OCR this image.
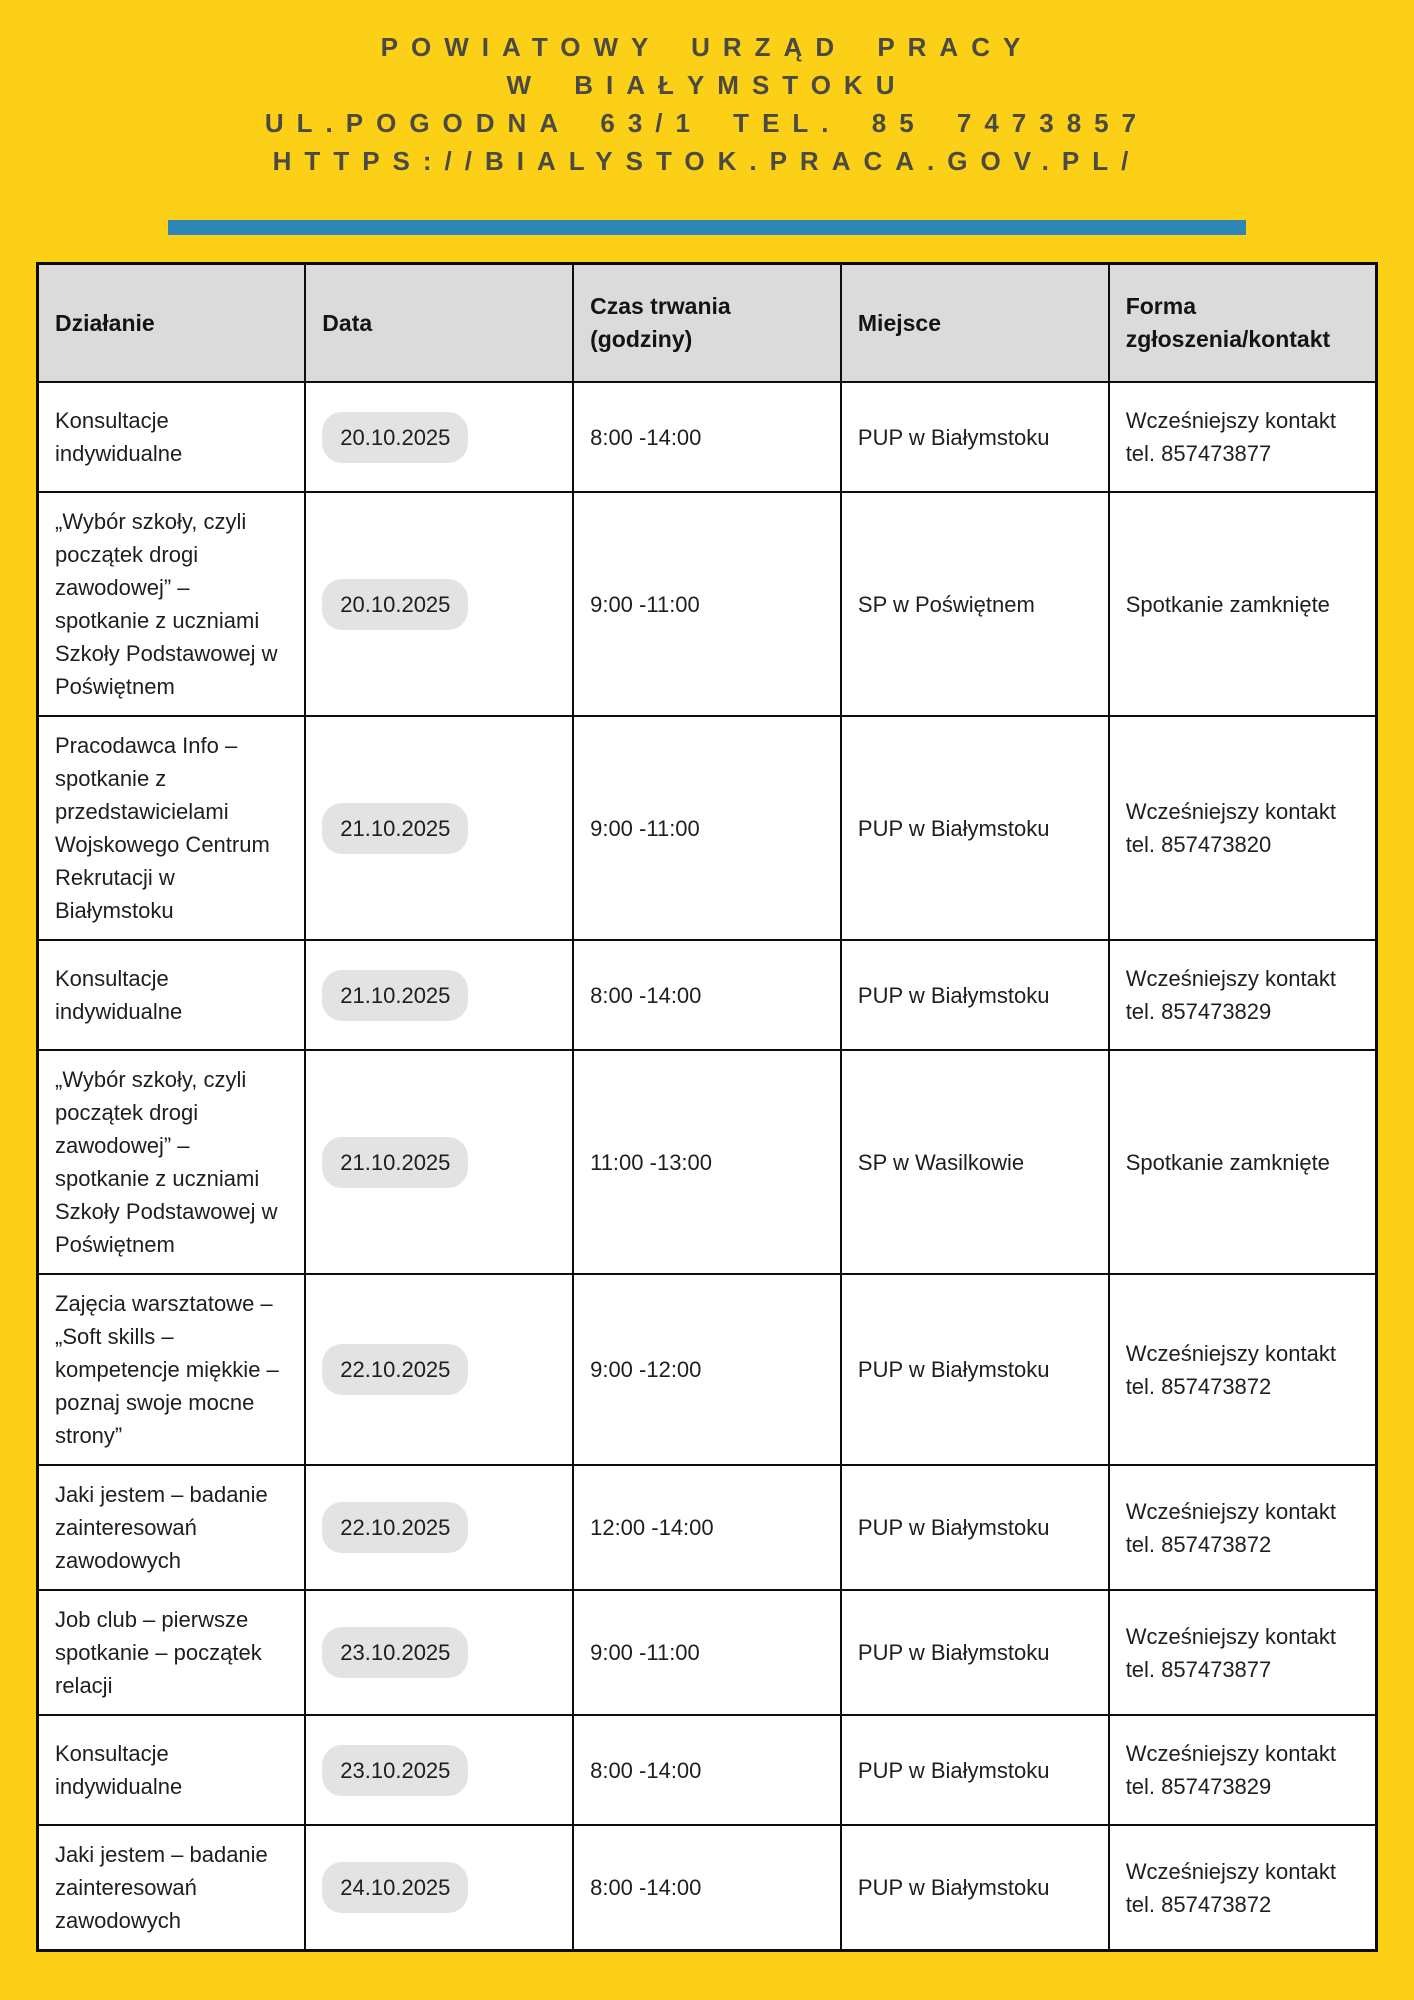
POWIATOWY URZĄD PRACY
W BIAŁYMSTOKU
UL.POGODNA 63/1 TEL. 85 7473857
HTTPS://BIALYSTOK.PRACA.GOV.PL/
Działanie	Data	Czas trwania (godziny)	Miejsce	Forma zgłoszenia/kontakt
Konsultacje indywidualne	20.10.2025	8:00 -14:00	PUP w Białymstoku	Wcześniejszy kontakt tel. 857473877
„Wybór szkoły, czyli początek drogi zawodowej” – spotkanie z uczniami Szkoły Podstawowej w Poświętnem	20.10.2025	9:00 -11:00	SP w Poświętnem	Spotkanie zamknięte
Pracodawca Info – spotkanie z przedstawicielami Wojskowego Centrum Rekrutacji w Białymstoku	21.10.2025	9:00 -11:00	PUP w Białymstoku	Wcześniejszy kontakt tel. 857473820
Konsultacje indywidualne	21.10.2025	8:00 -14:00	PUP w Białymstoku	Wcześniejszy kontakt tel. 857473829
„Wybór szkoły, czyli początek drogi zawodowej” – spotkanie z uczniami Szkoły Podstawowej w Poświętnem	21.10.2025	11:00 -13:00	SP w Wasilkowie	Spotkanie zamknięte
Zajęcia warsztatowe – „Soft skills – kompetencje miękkie – poznaj swoje mocne strony”	22.10.2025	9:00 -12:00	PUP w Białymstoku	Wcześniejszy kontakt tel. 857473872
Jaki jestem – badanie zainteresowań zawodowych	22.10.2025	12:00 -14:00	PUP w Białymstoku	Wcześniejszy kontakt tel. 857473872
Job club – pierwsze spotkanie – początek relacji	23.10.2025	9:00 -11:00	PUP w Białymstoku	Wcześniejszy kontakt tel. 857473877
Konsultacje indywidualne	23.10.2025	8:00 -14:00	PUP w Białymstoku	Wcześniejszy kontakt tel. 857473829
Jaki jestem – badanie zainteresowań zawodowych	24.10.2025	8:00 -14:00	PUP w Białymstoku	Wcześniejszy kontakt tel. 857473872
